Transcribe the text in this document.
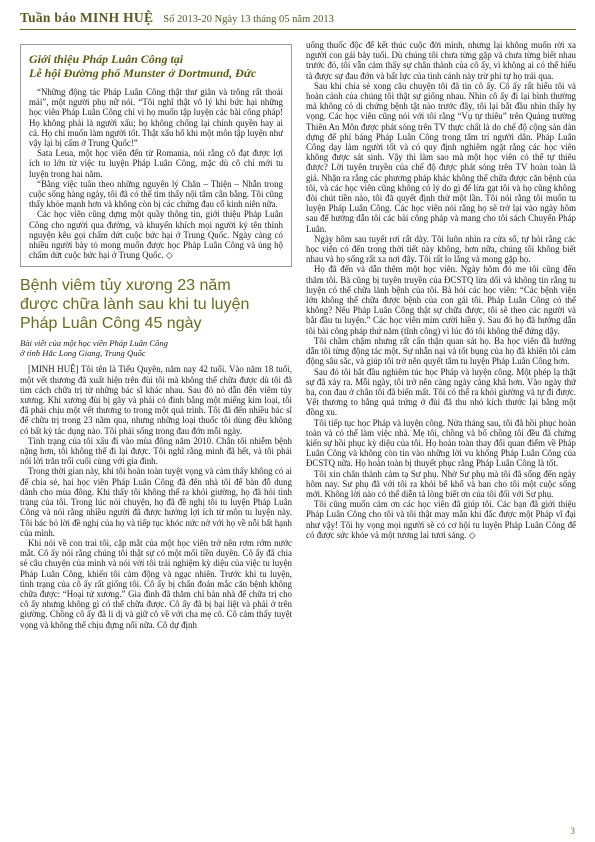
Tuần báo MINH HUỆ Số 2013-20 Ngày 13 tháng 05 năm 2013
Giới thiệu Pháp Luân Công tại
Lễ hội Đường phố Munster ở Dortmund, Đức

“Những động tác Pháp Luân Công thật thư giãn và trông rất thoải mái”, một người phụ nữ nói. “Tôi nghĩ thật vô lý khi bức hại những học viên Pháp Luân Công chỉ vì họ muốn tập luyện các bài công pháp! Họ không phải là người xấu; họ không chống lại chính quyền hay ai cả. Họ chỉ muốn làm người tốt. Thật xấu hổ khi một môn tập luyện như vậy lại bị cấm ở Trung Quốc!”

Sata Leua, một học viên đến từ Romania, nói rằng cô đạt được lợi ích to lớn từ việc tu luyện Pháp Luân Công, mặc dù cô chỉ mới tu luyện trong hai năm.

“Bằng việc tuân theo những nguyên lý Chân – Thiện – Nhẫn trong cuộc sống hàng ngày, tôi đã có thể tìm thấy nội tâm cân bằng. Tôi cũng thấy khỏe mạnh hơn và không còn bị các chứng đau cổ kinh niên nữa.

Các học viên cũng dựng một quầy thông tin, giới thiệu Pháp Luân Công cho người qua đường, và khuyến khích mọi người ký tên thỉnh nguyện kêu gọi chấm dứt cuộc bức hại ở Trung Quốc. Ngày càng có nhiều người bày tỏ mong muốn được học Pháp Luân Công và ủng hộ chấm dứt cuộc bức hại ở Trung Quốc. ◇

Bệnh viêm tủy xương 23 năm
được chữa lành sau khi tu luyện
Pháp Luân Công 45 ngày
Bài viết của một học viên Pháp Luân Công
ở tỉnh Hắc Long Giang, Trung Quốc

[MINH HUỆ] Tôi tên là Tiểu Quyên, năm nay 42 tuổi. Vào năm 18 tuổi, một vết thương đã xuất hiện trên đùi tôi mà không thể chữa được dù tôi đã tìm cách chữa trị từ những bác sĩ khác nhau. Sau đó nó dẫn đến viêm tủy xương. Khi xương đùi bị gãy và phải có đinh bằng một miếng kim loại, tôi đã phải chịu một vết thương to trong một quá trình. Tôi đã đến nhiều bác sĩ để chữa trị trong 23 năm qua, nhưng những loại thuốc tôi dùng đều không có bất kỳ tác dụng nào. Tôi phải sống trong đau đớn mỗi ngày.

Tình trạng của tôi xấu đi vào mùa đông năm 2010. Chân tôi nhiễm bệnh nặng hơn, tôi không thể đi lại được. Tôi nghĩ rằng mình đã hết, và tôi phải nói lời trăn trối cuối cùng với gia đình.

Trong thời gian này, khi tôi hoàn toàn tuyệt vọng và cảm thấy không có ai để chia sẻ, hai học viên Pháp Luân Công đã đến nhà tôi để bàn đỗ dung dành cho mùa đông. Khi thấy tôi không thể ra khỏi giường, họ đã hỏi tình trạng của tôi. Trong lúc nói chuyện, họ đã đề nghị tôi tu luyện Pháp Luân Công và nói rằng nhiều người đã được hưởng lợi ích từ môn tu luyện này. Tôi bác bỏ lời đề nghị của họ và tiếp tục khóc nức nở với họ về nỗi bất hạnh của mình.

Khi nói về con trai tôi, cặp mắt của một học viên trở nên rơm rớm nước mắt. Cô ấy nói rằng chúng tôi thật sự có một mối tiền duyên. Cô ấy đã chia sẻ câu chuyện của mình và nói với tôi trải nghiệm kỳ diệu của việc tu luyện Pháp Luân Công, khiến tôi cảm động và ngạc nhiên. Trước khi tu luyện, tình trạng của cô ấy rất giống tôi. Cô ấy bị chẩn đoán mắc căn bệnh không chữa được: “Hoại tử xương.” Gia đình đã thăm chỉ bàn nhà để chữa trị cho cô ấy nhưng không gì có thể chữa được. Cô ấy đã bị bại liệt và phải ở trên giường. Chồng cô ấy đã li dị và giữ cô về với cha mẹ cô. Cô cảm thấy tuyệt vọng và không thể chịu đựng nổi nữa. Cô dự định

uống thuốc độc để kết thúc cuộc đời mình, nhưng lại không muốn rời xa người con gái bảy tuổi. Dù chúng tôi chưa từng gặp và chưa từng biết nhau trước đó, tôi vẫn cảm thấy sự chân thành của cô ấy, vì không ai có thể hiểu tà được sự đau đớn và bất lực của tình cảnh này trừ phi tự họ trải qua.

Sau khi chia sẻ xong câu chuyện tôi đã tin cô ấy. Cô ấy rất hiểu tôi và hoàn cảnh của chúng tôi thật sự giống nhau. Nhìn cô ấy đi lại bình thường mà không có di chứng bệnh tật nào trước đây, tôi lại bắt đầu nhìn thấy hy vọng. Các học viên cũng nói với tôi rằng “Vụ tự thiêu” trên Quảng trường Thiên An Môn được phát sóng trên TV thực chất là do chế độ cộng sản dàn dựng để phỉ báng Pháp Luân Công trong tâm trí người dân. Pháp Luân Công dạy làm người tốt và có quy định nghiêm ngặt rằng các học viên không được sát sinh. Vậy thì làm sao mà một học viên có thể tự thiêu được? Lời tuyên truyền của chế độ được phát sóng trên TV hoàn toàn là giả. Nhận ra rằng các phương pháp khác không thể chữa được căn bệnh của tôi, và các học viên cũng không có lý do gì để lừa gạt tôi và họ cũng không đòi chút tiền nào, tôi đã quyết định thử một lần. Tôi nói rằng tôi muốn tu luyện Pháp Luân Công. Các học viên nói rằng họ sẽ trở lại vào ngày hôm sau để hướng dẫn tôi các bài công pháp và mang cho tôi sách Chuyển Pháp Luân.

Ngày hôm sau tuyết rơi rất dày. Tôi luôn nhìn ra cửa sổ, tự hỏi rằng các học viên có đến trong thời tiết này không, hơn nữa, chúng tôi không biết nhau và họ sống rất xa nơi đây. Tôi rất lo lắng và mong gặp họ.

Họ đã đến và dẫn thêm một học viên. Ngày hôm đó me tôi cũng đến thăm tôi. Bà cũng bị tuyên truyền của ĐCSTQ lừa dối và không tin rằng tu luyện có thể chữa lành bệnh của tôi. Bà hỏi các học viên: “Các bệnh viện lớn không thể chữa được bệnh của con gái tôi. Pháp Luân Công có thể không? Nếu Pháp Luân Công thật sự chữa được, tôi sẽ theo các người và bắt đầu tu luyện.” Các học viên mỉm cười hiền ý. Sau đó họ đã hướng dẫn tôi bài công pháp thứ năm (tĩnh công) vì lúc đó tôi không thể đứng dậy.

Tôi chầm chậm nhưng rất cẩn thận quan sát họ. Ba học viên đã hướng dẫn tôi từng động tác một. Sự nhẫn nại và tốt bụng của họ đã khiến tôi cảm động sâu sắc, và giúp tôi trở nên quyết tâm tu luyện Pháp Luân Công hơn.

Sau đó tôi bắt đầu nghiêm túc học Pháp và luyện công. Một phép lạ thật sự đã xảy ra. Mỗi ngày, tôi trở nên càng ngày càng khá hơn. Vào ngày thứ ba, con đau ở chân tôi đã biến mất. Tôi có thể ra khỏi giường và tự đi được. Vết thương to bằng quả trứng ở đùi đã thu nhỏ kích thước lại bằng một đồng xu.

Tôi tiếp tục học Pháp và luyện công. Nửa tháng sau, tôi đã hồi phục hoàn toàn và có thể làm việc nhà. Mẹ tôi, chồng và bố chồng tôi đều đã chứng kiến sự hồi phục kỳ diệu của tôi. Họ hoàn toàn thay đổi quan điểm về Pháp Luân Công và không còn tin vào những lời vu khống Pháp Luân Công của ĐCSTQ nữa. Họ hoàn toàn bị thuyết phục rằng Pháp Luân Công là tốt.

Tôi xin chân thành cảm tạ Sư phụ. Nhờ Sư phụ mà tôi đã sống đến ngày hôm nay. Sư phụ đã với tôi ra khỏi bể khổ và ban cho tôi một cuộc sống mới. Không lời nào có thể diễn tả lòng biết ơn của tôi đối với Sư phụ.

Tôi cũng muốn cảm ơn các học viên đã giúp tôi. Các bạn đã giới thiệu Pháp Luân Công cho tôi và tôi thật may mắn khi đắc được một Pháp vĩ đại như vậy! Tôi hy vọng mọi người sẽ có cơ hội tu luyện Pháp Luân Công để có được sức khỏe và một tương lai tươi sáng. ◇

3
